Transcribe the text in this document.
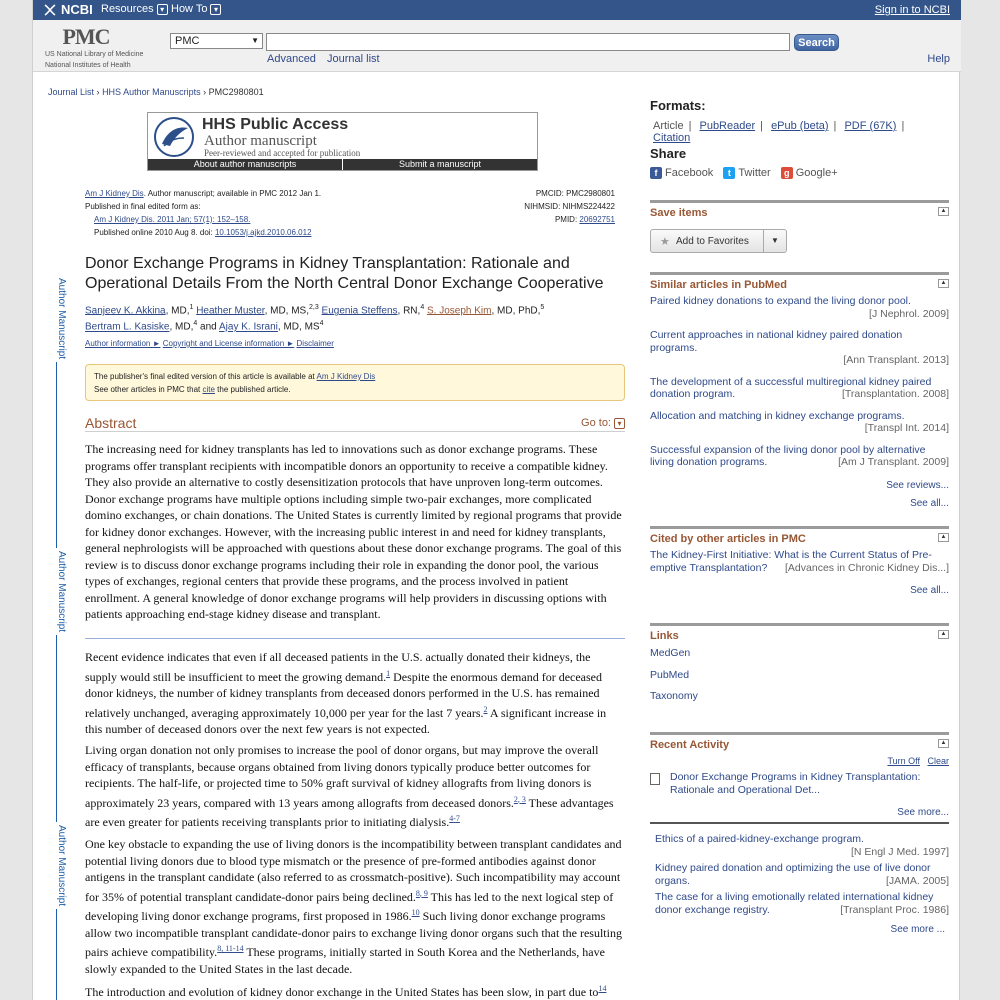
NCBI Resources ▾ How To ▾	Sign in to NCBI
PMC
US National Library of Medicine
National Institutes of Health
PMC	▼	Search
Advanced Journal list	Help
Journal List › HHS Author Manuscripts › PMC2980801
Author Manuscript
Author Manuscript
Author Manuscript
HHS Public Access
Author manuscript
Peer-reviewed and accepted for publication
About author manuscripts	Submit a manuscript
Am J Kidney Dis. Author manuscript; available in PMC 2012 Jan 1.
Published in final edited form as:
Am J Kidney Dis. 2011 Jan; 57(1): 152–158.
Published online 2010 Aug 8. doi: 10.1053/j.ajkd.2010.06.012
PMCID: PMC2980801
NIHMSID: NIHMS224422
PMID: 20692751
Donor Exchange Programs in Kidney Transplantation: Rationale and Operational Details From the North Central Donor Exchange Cooperative
Sanjeev K. Akkina, MD,$^1$ Heather Muster, MD, MS,$^{2,3}$ Eugenia Steffens, RN,$^4$ S. Joseph Kim, MD, PhD,$^5$
Bertram L. Kasiske, MD,$^4$ and Ajay K. Israni, MD, $MS^4$
Author information ► Copyright and License information ► Disclaimer
The publisher's final edited version of this article is available at Am J Kidney Dis
See other articles in PMC that cite the published article.
Abstract	Go to: ▾
The increasing need for kidney transplants has led to innovations such as donor exchange programs. These programs offer transplant recipients with incompatible donors an opportunity to receive a compatible kidney. They also provide an alternative to costly desensitization protocols that have unproven long-term outcomes. Donor exchange programs have multiple options including simple two-pair exchanges, more complicated domino exchanges, or chain donations. The United States is currently limited by regional programs that provide for kidney donor exchanges. However, with the increasing public interest in and need for kidney transplants, general nephrologists will be approached with questions about these donor exchange programs. The goal of this review is to discuss donor exchange programs including their role in expanding the donor pool, the various types of exchanges, regional centers that provide these programs, and the process involved in patient enrollment. A general knowledge of donor exchange programs will help providers in discussing options with patients approaching end-stage kidney disease and transplant.
Recent evidence indicates that even if all deceased patients in the U.S. actually donated their kidneys, the supply would still be insufficient to meet the growing demand.$^1$ Despite the enormous demand for deceased donor kidneys, the number of kidney transplants from deceased donors performed in the U.S. has remained relatively unchanged, averaging approximately 10,000 per year for the last 7 years.$^2$ A significant increase in this number of deceased donors over the next few years is not expected.
Living organ donation not only promises to increase the pool of donor organs, but may improve the overall efficacy of transplants, because organs obtained from living donors typically produce better outcomes for recipients. The half-life, or projected time to 50% graft survival of kidney allografts from living donors is approximately 23 years, compared with 13 years among allografts from deceased donors.$^{2,}$ $^3$ These advantages are even greater for patients receiving transplants prior to initiating dialysis.$^{4-7}$
One key obstacle to expanding the use of living donors is the incompatibility between transplant candidates and potential living donors due to blood type mismatch or the presence of pre-formed antibodies against donor antigens in the transplant candidate (also referred to as crossmatch-positive). Such incompatibility may account for 35% of potential transplant candidate-donor pairs being declined.$^{8,}$ $^9$ This has led to the next logical step of developing living donor exchange programs, first proposed in 1986.10 Such living donor exchange programs allow two incompatible transplant candidate-donor pairs to exchange living donor organs such that the resulting pairs achieve compatibility.$^{8,}$ $^{11-14}$ These programs, initially started in South Korea and the Netherlands, have slowly expanded to the United States in the last decade.
The introduction and evolution of kidney donor exchange in the United States has been slow, in part due $to^{14}$
Formats:
Article | PubReader | ePub (beta) | PDF (67K) | Citation
Share
f Facebook	t Twitter	g Google+
Save items	▲
★ Add to Favorites	▼
Similar articles in PubMed	▲
Paired kidney donations to expand the living donor pool.
[J Nephrol. 2009]
Current approaches in national kidney paired donation programs.
[Ann Transplant. 2013]
The development of a successful multiregional kidney paired donation program.	[Transplantation. 2008]
Allocation and matching in kidney exchange programs.
[Transpl Int. 2014]
Successful expansion of the living donor pool by alternative living donation programs.	[Am J Transplant. 2009]
See reviews...
See all...
Cited by other articles in PMC	▲
The Kidney-First Initiative: What is the Current Status of Pre-emptive Transplantation?	[Advances in Chronic Kidney Dis...]
See all...
Links	▲
MedGen
PubMed
Taxonomy
Recent Activity	▲
Turn Off Clear
Donor Exchange Programs in Kidney Transplantation: Rationale and Operational Det...
See more...
Ethics of a paired-kidney-exchange program.
[N Engl J Med. 1997]
Kidney paired donation and optimizing the use of live donor organs.	[JAMA. 2005]
The case for a living emotionally related international kidney donor exchange registry.	[Transplant Proc. 1986]
See more ...
